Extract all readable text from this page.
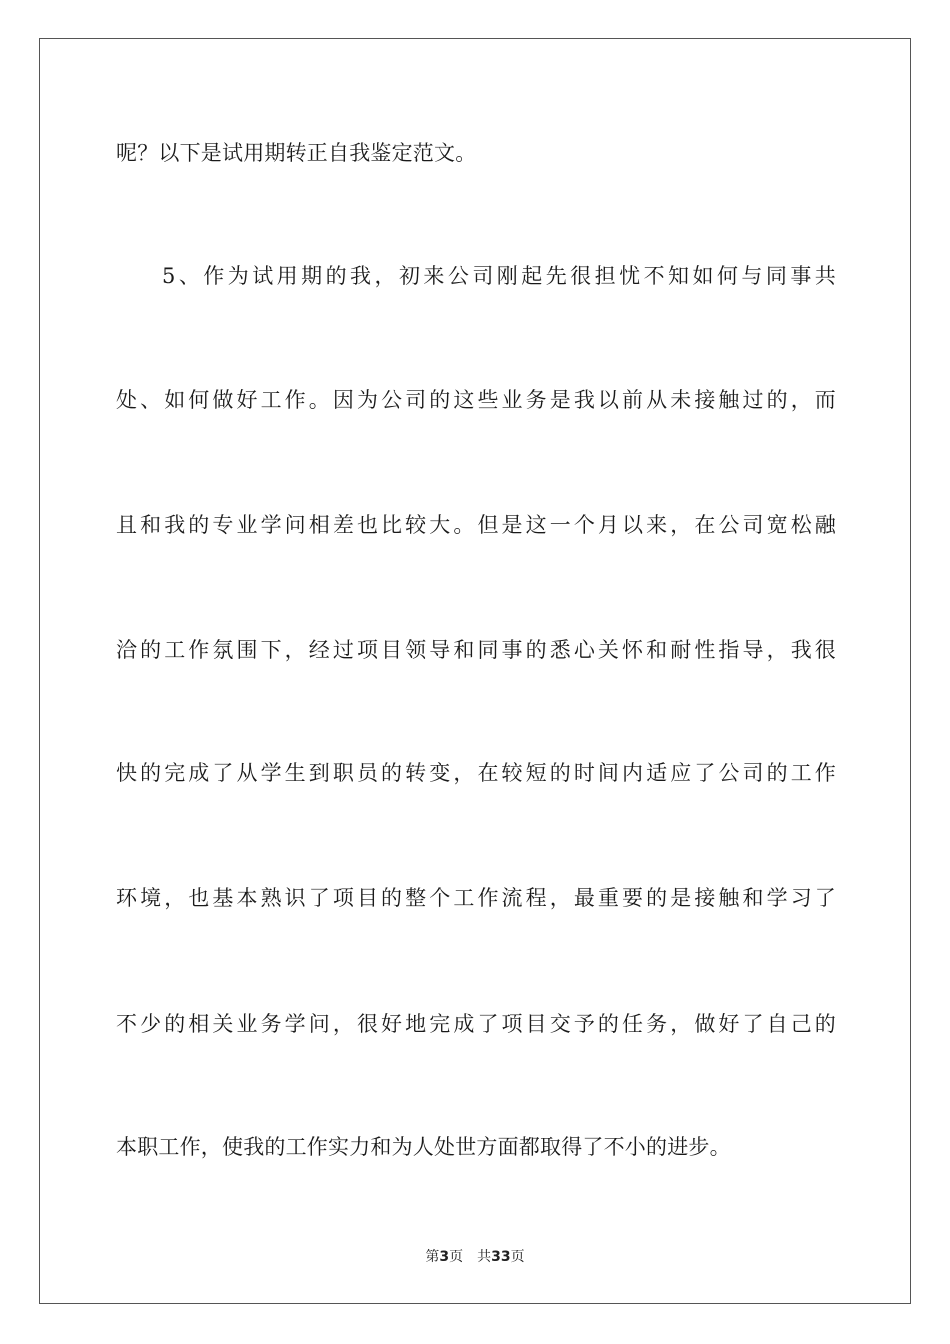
呢？以下是试用期转正自我鉴定范文。
5、作为试用期的我，初来公司刚起先很担忧不知如何与同事共
处、如何做好工作。因为公司的这些业务是我以前从未接触过的，而
且和我的专业学问相差也比较大。但是这一个月以来，在公司宽松融
洽的工作氛围下，经过项目领导和同事的悉心关怀和耐性指导，我很
快的完成了从学生到职员的转变，在较短的时间内适应了公司的工作
环境，也基本熟识了项目的整个工作流程，最重要的是接触和学习了
不少的相关业务学问，很好地完成了项目交予的任务，做好了自己的
本职工作，使我的工作实力和为人处世方面都取得了不小的进步。
第3页 共33页
